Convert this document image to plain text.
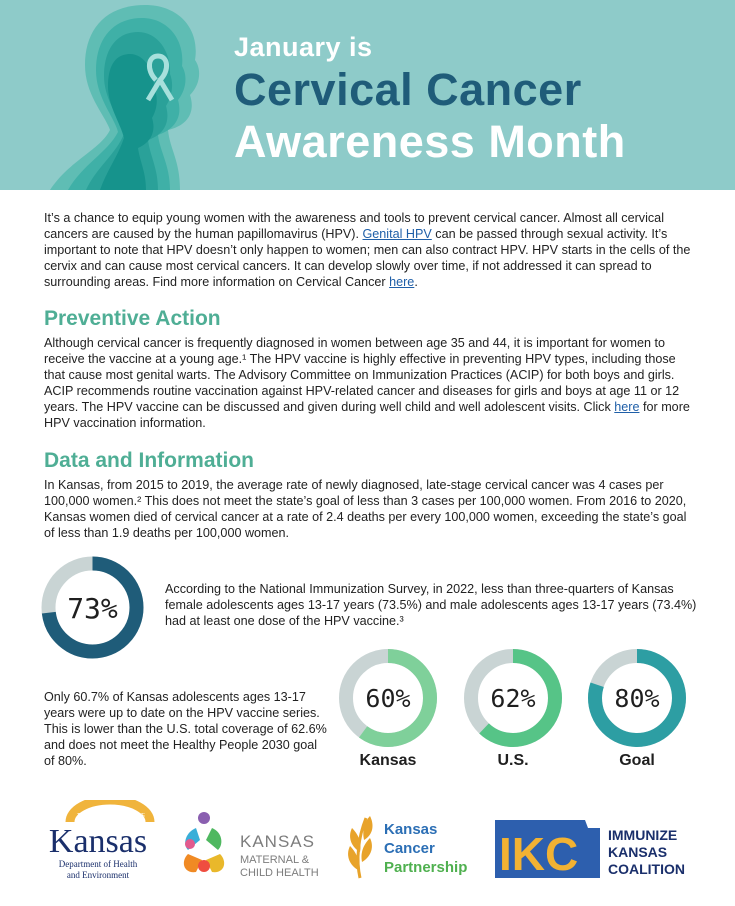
January is
Cervical Cancer
Awareness Month
It’s a chance to equip young women with the awareness and tools to prevent cervical cancer. Almost all cervical cancers are caused by the human papillomavirus (HPV). Genital HPV can be passed through sexual activity. It’s important to note that HPV doesn’t only happen to women; men can also contract HPV. HPV starts in the cells of the cervix and can cause most cervical cancers. It can develop slowly over time, if not addressed it can spread to surrounding areas. Find more information on Cervical Cancer here.
Preventive Action
Although cervical cancer is frequently diagnosed in women between age 35 and 44, it is important for women to receive the vaccine at a young age.¹ The HPV vaccine is highly effective in preventing HPV types, including those that cause most genital warts. The Advisory Committee on Immunization Practices (ACIP) for both boys and girls. ACIP recommends routine vaccination against HPV-related cancer and diseases for girls and boys at age 11 or 12 years. The HPV vaccine can be discussed and given during well child and well adolescent visits. Click here for more HPV vaccination information.
Data and Information
In Kansas, from 2015 to 2019, the average rate of newly diagnosed, late-stage cervical cancer was 4 cases per 100,000 women.² This does not meet the state’s goal of less than 3 cases per 100,000 women. From 2016 to 2020, Kansas women died of cervical cancer at a rate of 2.4 deaths per every 100,000 women, exceeding the state’s goal of less than 1.9 deaths per 100,000 women.
73%
According to the National Immunization Survey, in 2022, less than three-quarters of Kansas female adolescents ages 13-17 years (73.5%) and male adolescents ages 13-17 years (73.4%) had at least one dose of the HPV vaccine.³
Only 60.7% of Kansas adolescents ages 13-17 years were up to date on the HPV vaccine series. This is lower than the U.S. total coverage of 62.6% and does not meet the Healthy People 2030 goal of 80%.
60%
Kansas
62%
U.S.
80%
Goal
TO PROTECT AND IMPROVE
Kansas
Department of Health
and Environment
KANSAS
MATERNAL &
CHILD HEALTH
Kansas
Cancer
Partnership IKC IMMUNIZE
KANSAS
COALITION
